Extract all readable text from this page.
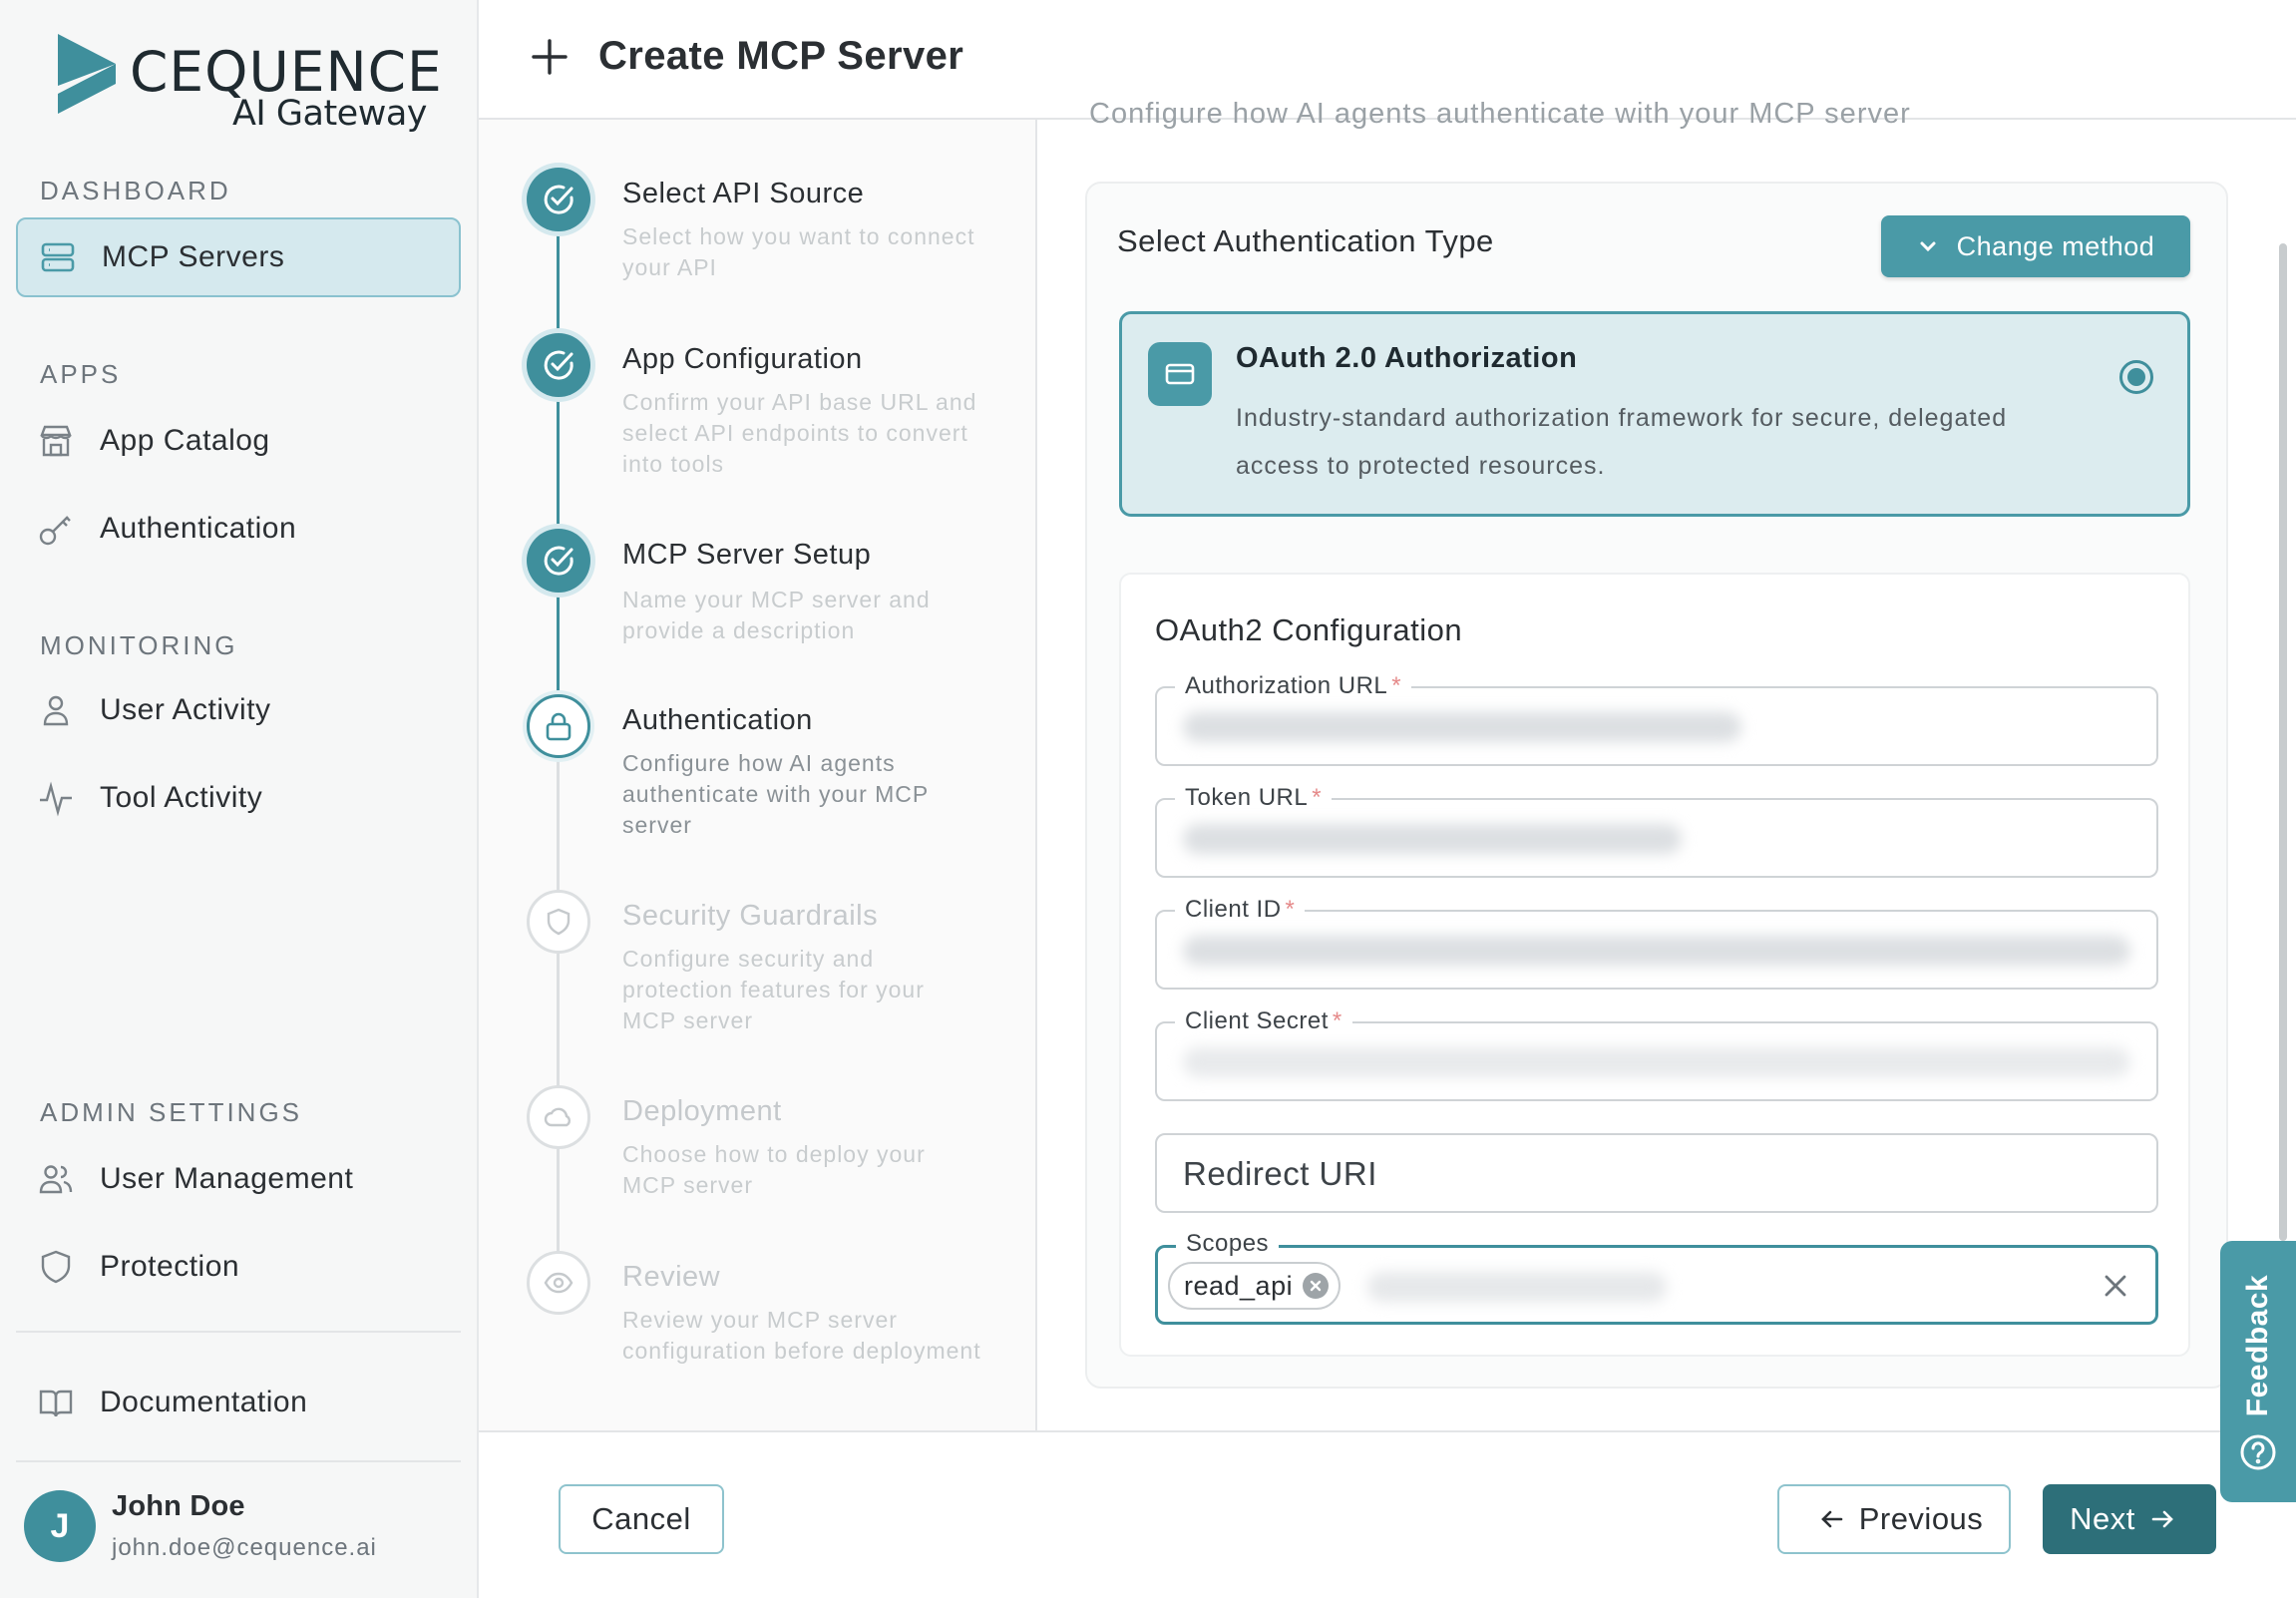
CEQUENCE
AI Gateway
DASHBOARD
MCP Servers
APPS
App Catalog
Authentication
MONITORING
User Activity
Tool Activity
ADMIN SETTINGS
User Management
Protection
Documentation
J
John Doe
john.doe@cequence.ai
Create MCP Server
Select API Source
Select how you want to connect your API
App Configuration
Confirm your API base URL and select API endpoints to convert into tools
MCP Server Setup
Name your MCP server and provide a description
Authentication
Configure how AI agents authenticate with your MCP server
Security Guardrails
Configure security and protection features for your MCP server
Deployment
Choose how to deploy your MCP server
Review
Review your MCP server configuration before deployment
Configure how AI agents authenticate with your MCP server
Select Authentication Type	Change method
OAuth 2.0 Authorization
Industry-standard authorization framework for secure, delegated access to protected resources.
OAuth2 Configuration
Authorization URL *
Token URL *
Client ID *
Client Secret *
Redirect URI
Scopes
read_api
Cancel	Previous	Next
Feedback
